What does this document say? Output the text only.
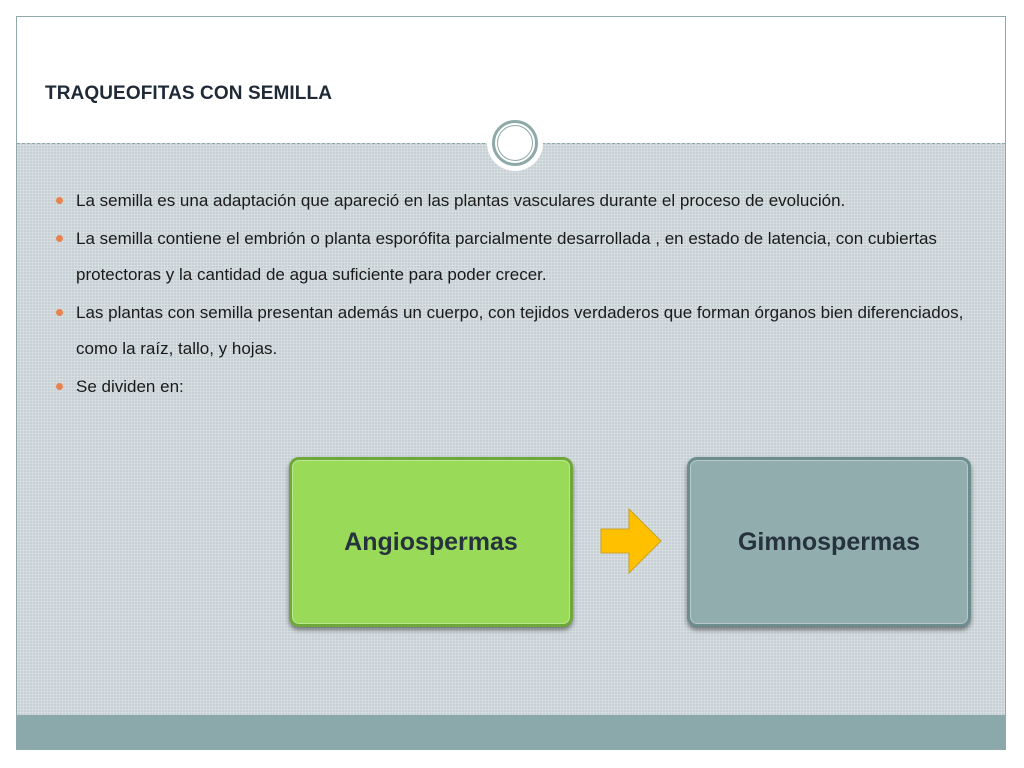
TRAQUEOFITAS CON SEMILLA
La semilla es una adaptación que apareció en las plantas vasculares durante el proceso de evolución.
La semilla contiene el embrión o planta esporófita parcialmente desarrollada , en estado de latencia, con cubiertas protectoras y la cantidad de agua suficiente para poder crecer.
Las plantas con semilla presentan además un cuerpo, con tejidos verdaderos que forman órganos bien diferenciados, como la raíz, tallo, y hojas.
Se dividen en:
Angiospermas	Gimnospermas
